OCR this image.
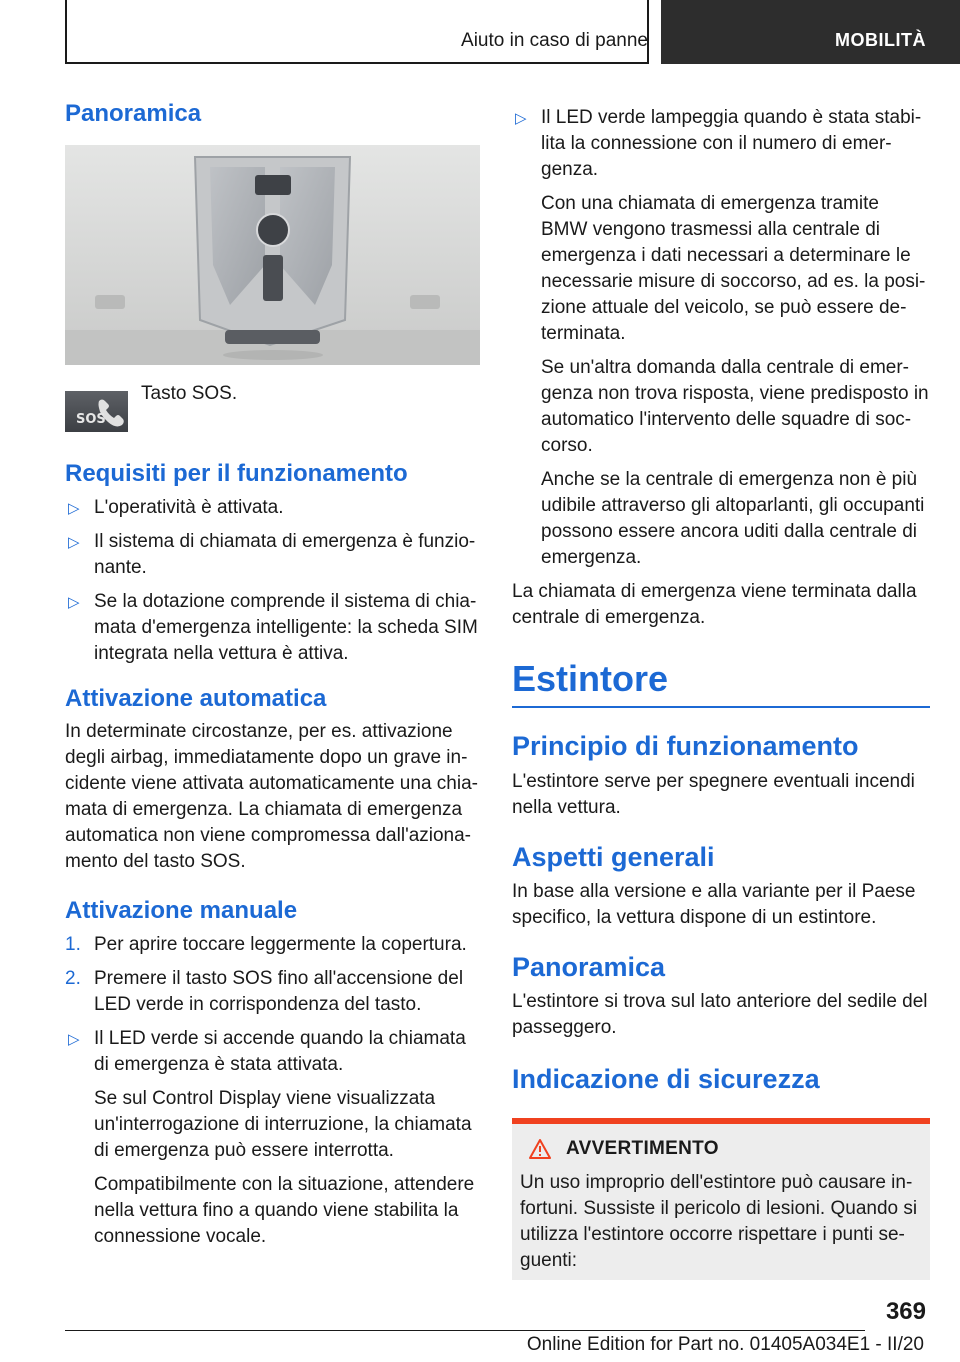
Aiuto in caso di panne	MOBILITÀ
Panoramica
SOS
Tasto SOS.
Requisiti per il funzionamento
▷ L'operatività è attivata.
▷ Il sistema di chiamata di emergenza è funzio-nante.
▷ Se la dotazione comprende il sistema di chia-mata d'emergenza intelligente: la scheda SIM integrata nella vettura è attiva.
Attivazione automatica

In determinate circostanze, per es. attivazione degli airbag, immediatamente dopo un grave in-cidente viene attivata automaticamente una chia-mata di emergenza. La chiamata di emergenza automatica non viene compromessa dall'aziona-mento del tasto SOS.

Attivazione manuale
1. Per aprire toccare leggermente la copertura.
2. Premere il tasto SOS fino all'accensione del LED verde in corrispondenza del tasto.
▷ Il LED verde si accende quando la chiamata di emergenza è stata attivata.
Se sul Control Display viene visualizzata un'interrogazione di interruzione, la chiamata di emergenza può essere interrotta.
Compatibilmente con la situazione, attendere nella vettura fino a quando viene stabilita la connessione vocale.
▷ Il LED verde lampeggia quando è stata stabi-lita la connessione con il numero di emer-genza.
Con una chiamata di emergenza tramite BMW vengono trasmessi alla centrale di emergenza i dati necessari a determinare le necessarie misure di soccorso, ad es. la posi-zione attuale del veicolo, se può essere de-terminata.
Se un'altra domanda dalla centrale di emer-genza non trova risposta, viene predisposto in automatico l'intervento delle squadre di soc-corso.
Anche se la centrale di emergenza non è più udibile attraverso gli altoparlanti, gli occupanti possono essere ancora uditi dalla centrale di emergenza.

La chiamata di emergenza viene terminata dalla centrale di emergenza.

Estintore
Principio di funzionamento

L'estintore serve per spegnere eventuali incendi nella vettura.

Aspetti generali

In base alla versione e alla variante per il Paese specifico, la vettura dispone di un estintore.

Panoramica

L'estintore si trova sul lato anteriore del sedile del passeggero.

Indicazione di sicurezza
AVVERTIMENTO

Un uso improprio dell'estintore può causare in-fortuni. Sussiste il pericolo di lesioni. Quando si utilizza l'estintore occorre rispettare i punti se-guenti:

369
Online Edition for Part no. 01405A034E1 - II/20
